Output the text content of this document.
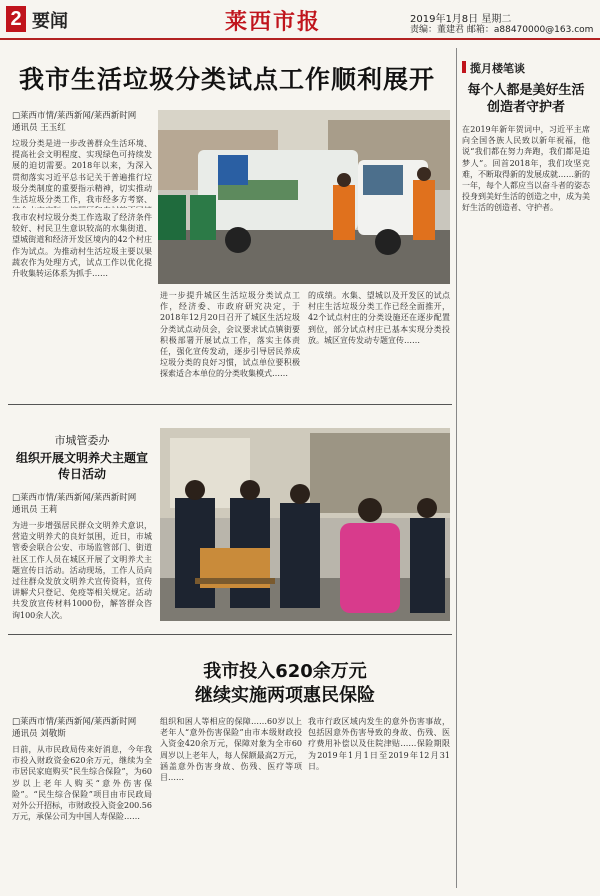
2 要闻	莱西市报	2019年1月8日 星期二
责编：董建君 邮箱：a88470000@163.com
我市生活垃圾分类试点工作顺利展开
□莱西市情/莱西新闻/莱西新时网
通讯员 王玉红
垃圾分类是进一步改善群众生活环境、提高社会文明程度、实现绿色可持续发展的迫切需要。2018年以来，为深入贯彻落实习近平总书记关于普遍推行垃圾分类制度的重要指示精神，切实推动生活垃圾分类工作，我市经多方考察、
我市农村垃圾分类工作选取了经济条件较好、村民卫生意识较高的水集街道、望城街道和经济开发区境内的42个村庄作为试点。为推动村生活垃圾主要以果蔬农作为处理方式，试点工作以优化提升收集转运体系为抓手……
进一步提升城区生活垃圾分类试点工作，经济委、市政府研究决定，于2018年12月20日召开了城区生活垃圾分类试点动员会，会议要求试点镇街要积极部署开展试点工作，落实主体责任，强化宣传发动，逐步引导居民养成垃圾分类的良好习惯，试点单位要积极探索适合本单位的分类收集模式……
的成绩。水集、望城以及开发区的试点村庄生活垃圾分类工作已经全面推开，42个试点村庄的分类设施还在逐步配置到位，部分试点村庄已基本实现分类投放。城区宣传发动专题宣传……
市城管委办
组织开展文明养犬主题宣传日活动
□莱西市情/莱西新闻/莱西新时网
通讯员 王莉
为进一步增强居民群众文明养犬意识，营造文明养犬的良好氛围，近日，市城管委会联合公安、市场监管部门、街道社区工作人员在城区开展了文明养犬主题宣传日活动。活动现场，工作人员向过往群众发放文明养犬宣传资料，宣传讲解犬只登记、免疫等相关规定。活动共发放宣传材料1000份，解答群众咨询100余人次。
我市投入620余万元
继续实施两项惠民保险
□莱西市情/莱西新闻/莱西新时网
通讯员 刘敬斯
日前，从市民政局传来好消息，今年我市投入财政资金620余万元，继续为全市居民家庭购买“民生综合保险”，为60岁以上老年人购买“意外伤害保险”。“民生综合保险”项目由市民政局对外公开招标，市财政投入资金200.56万元，承保公司为中国人寿保险……
组织和困人等相应的保障……60岁以上老年人“意外伤害保险”由市本级财政投入资金420余万元，保障对象为全市60周岁以上老年人，每人保额最高2万元，涵盖意外伤害身故、伤残、医疗等项目……
我市行政区域内发生的意外伤害事故，包括因意外伤害导致的身故、伤残、医疗费用补偿以及住院津贴……保险期限为2019年1月1日至2019年12月31日。
揽月楼笔谈
每个人都是美好生活创造者守护者
在2019年新年贺词中，习近平主席向全国各族人民致以新年祝福，他说“我们都在努力奔跑，我们都是追梦人”。回首2018年，我们攻坚克难，不断取得新的发展成就……新的一年，每个人都应当以奋斗者的姿态投身到美好生活的创造之中，成为美好生活的创造者、守护者。
